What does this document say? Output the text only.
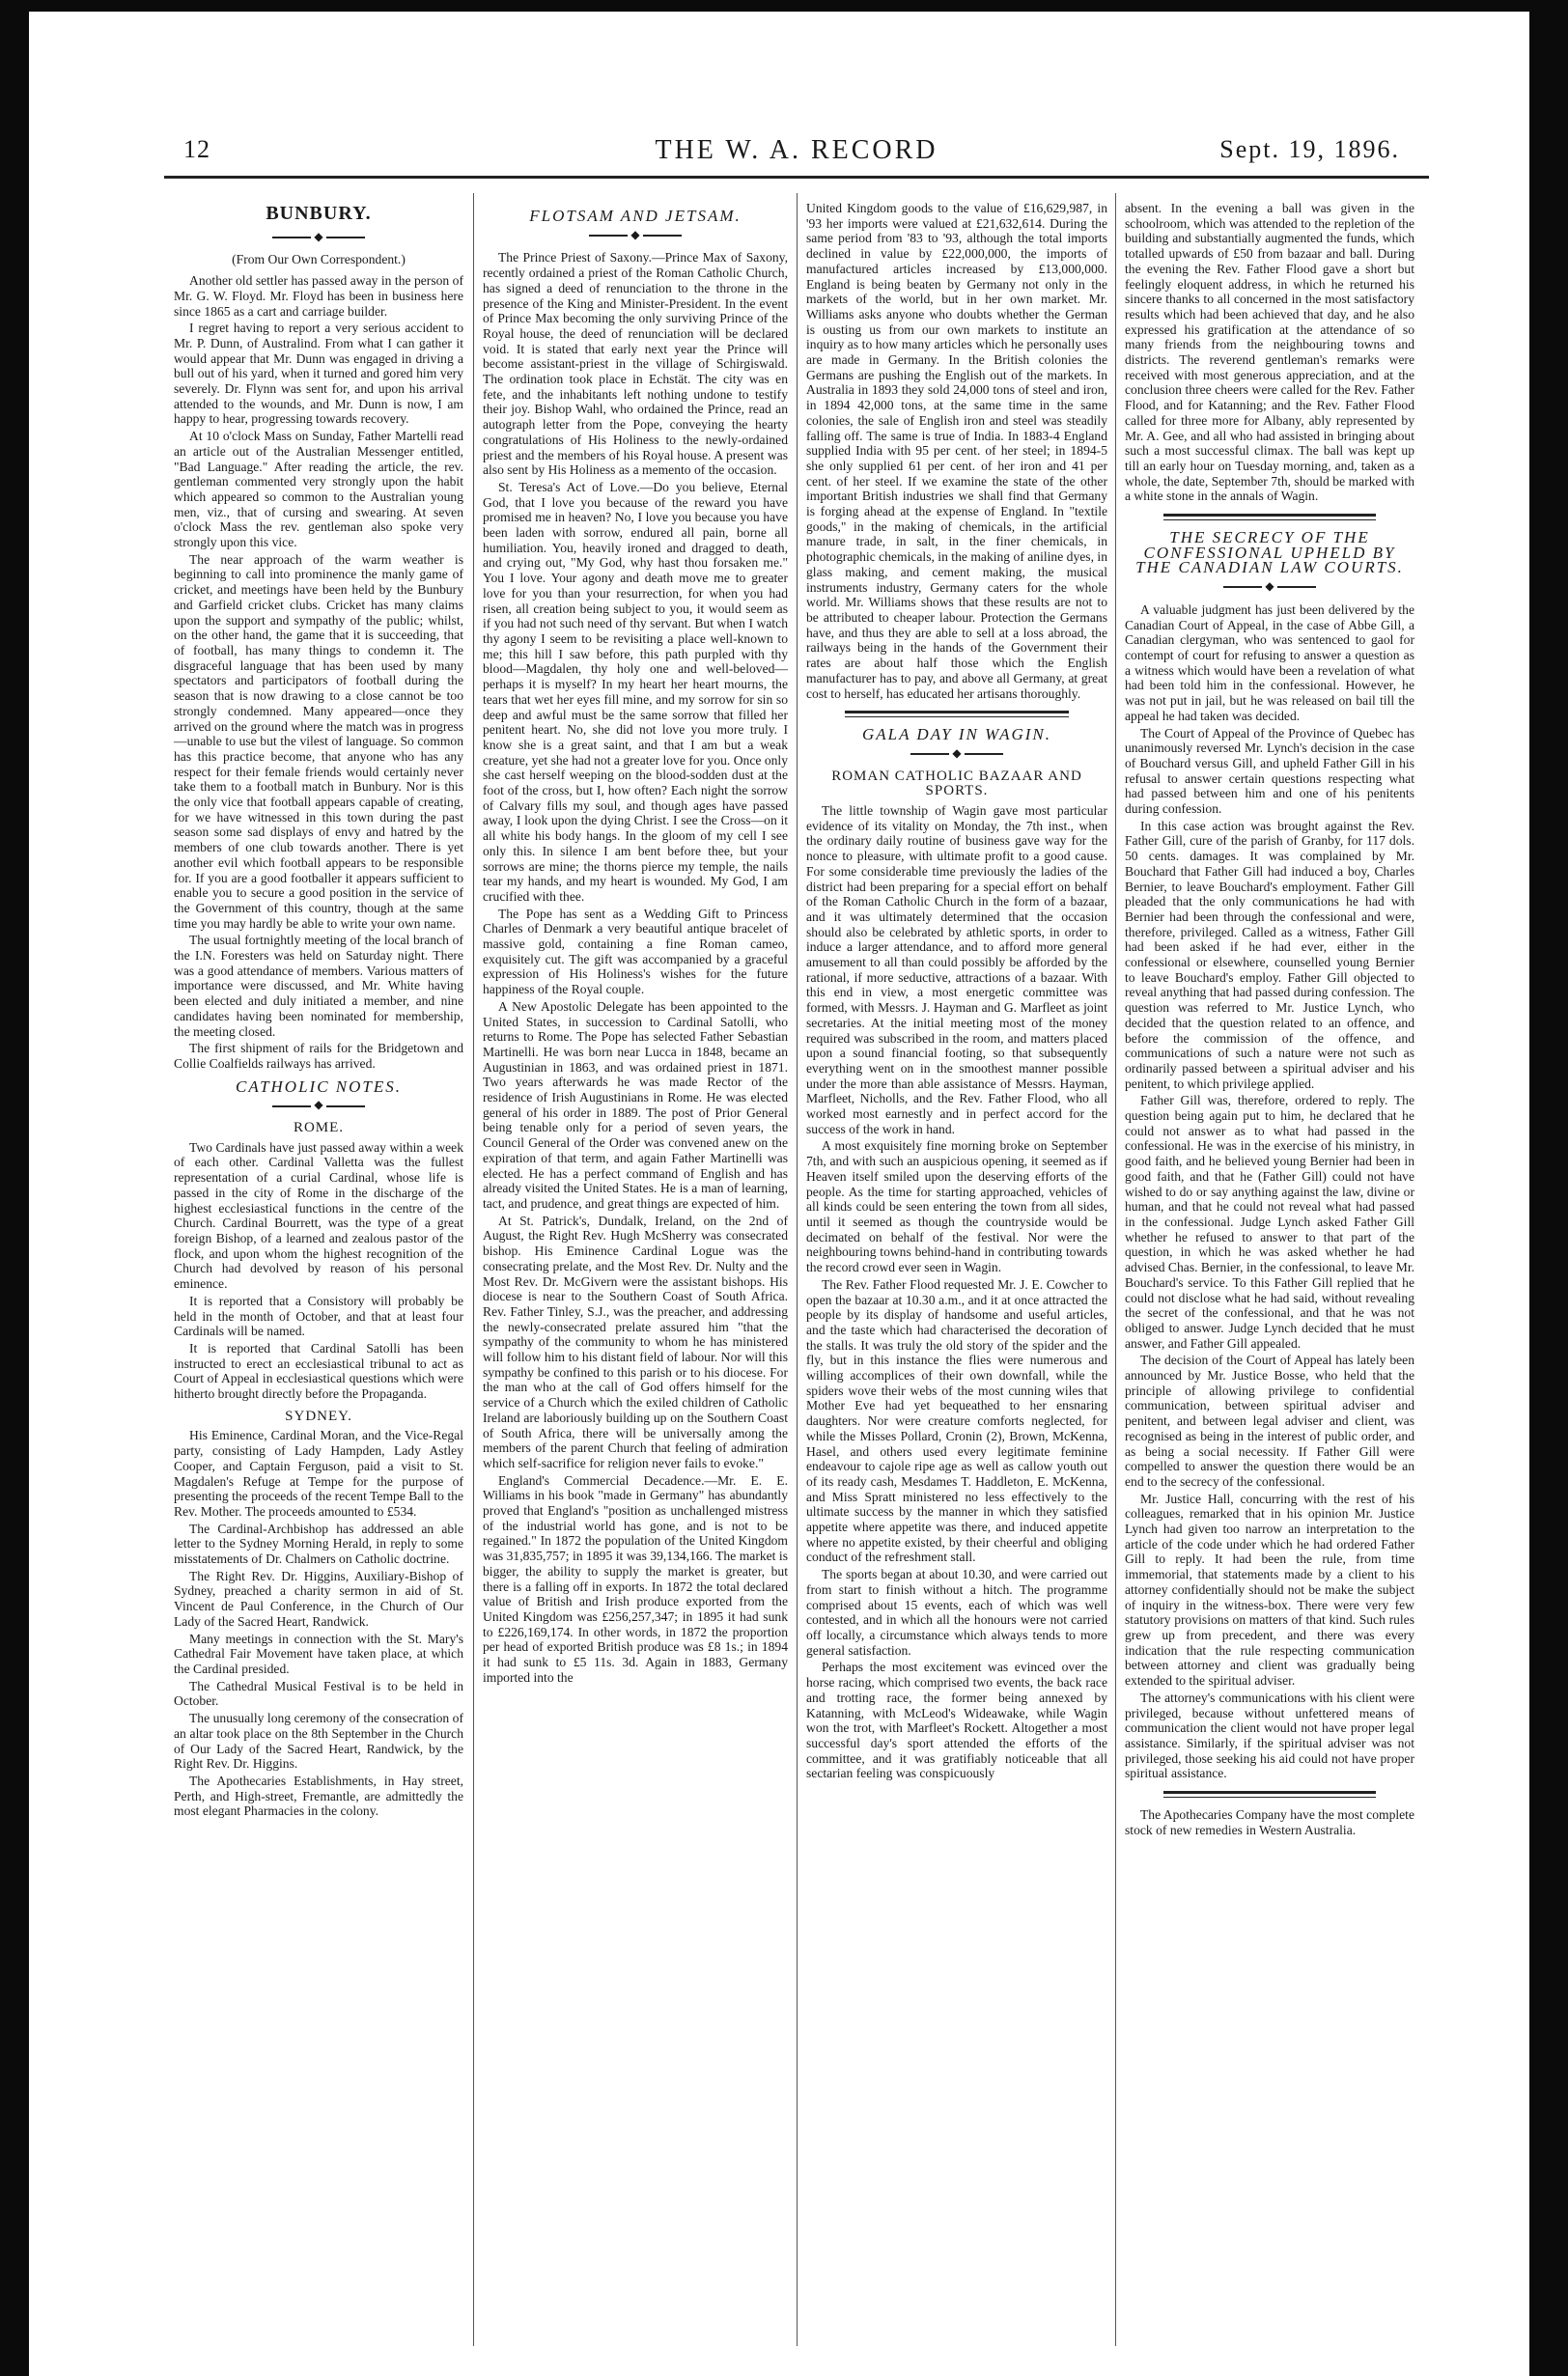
12	THE W. A. RECORD	Sept. 19, 1896.
BUNBURY.
◆
(From Our Own Correspondent.)

Another old settler has passed away in the person of Mr. G. W. Floyd. Mr. Floyd has been in business here since 1865 as a cart and carriage builder.

I regret having to report a very serious accident to Mr. P. Dunn, of Australind. From what I can gather it would appear that Mr. Dunn was engaged in driving a bull out of his yard, when it turned and gored him very severely. Dr. Flynn was sent for, and upon his arrival attended to the wounds, and Mr. Dunn is now, I am happy to hear, progressing towards recovery.

At 10 o'clock Mass on Sunday, Father Martelli read an article out of the Australian Messenger entitled, "Bad Language." After reading the article, the rev. gentleman commented very strongly upon the habit which appeared so common to the Australian young men, viz., that of cursing and swearing. At seven o'clock Mass the rev. gentleman also spoke very strongly upon this vice.

The near approach of the warm weather is beginning to call into prominence the manly game of cricket, and meetings have been held by the Bunbury and Garfield cricket clubs. Cricket has many claims upon the support and sympathy of the public; whilst, on the other hand, the game that it is succeeding, that of football, has many things to condemn it. The disgraceful language that has been used by many spectators and participators of football during the season that is now drawing to a close cannot be too strongly condemned. Many appeared—once they arrived on the ground where the match was in progress—unable to use but the vilest of language. So common has this practice become, that anyone who has any respect for their female friends would certainly never take them to a football match in Bunbury. Nor is this the only vice that football appears capable of creating, for we have witnessed in this town during the past season some sad displays of envy and hatred by the members of one club towards another. There is yet another evil which football appears to be responsible for. If you are a good footballer it appears sufficient to enable you to secure a good position in the service of the Government of this country, though at the same time you may hardly be able to write your own name.

The usual fortnightly meeting of the local branch of the I.N. Foresters was held on Saturday night. There was a good attendance of members. Various matters of importance were discussed, and Mr. White having been elected and duly initiated a member, and nine candidates having been nominated for membership, the meeting closed.

The first shipment of rails for the Bridgetown and Collie Coalfields railways has arrived.

CATHOLIC NOTES.
◆
ROME.

Two Cardinals have just passed away within a week of each other. Cardinal Valletta was the fullest representation of a curial Cardinal, whose life is passed in the city of Rome in the discharge of the highest ecclesiastical functions in the centre of the Church. Cardinal Bourrett, was the type of a great foreign Bishop, of a learned and zealous pastor of the flock, and upon whom the highest recognition of the Church had devolved by reason of his personal eminence.

It is reported that a Consistory will probably be held in the month of October, and that at least four Cardinals will be named.

It is reported that Cardinal Satolli has been instructed to erect an ecclesiastical tribunal to act as Court of Appeal in ecclesiastical questions which were hitherto brought directly before the Propaganda.

SYDNEY.

His Eminence, Cardinal Moran, and the Vice-Regal party, consisting of Lady Hampden, Lady Astley Cooper, and Captain Ferguson, paid a visit to St. Magdalen's Refuge at Tempe for the purpose of presenting the proceeds of the recent Tempe Ball to the Rev. Mother. The proceeds amounted to £534.

The Cardinal-Archbishop has addressed an able letter to the Sydney Morning Herald, in reply to some misstatements of Dr. Chalmers on Catholic doctrine.

The Right Rev. Dr. Higgins, Auxiliary-Bishop of Sydney, preached a charity sermon in aid of St. Vincent de Paul Conference, in the Church of Our Lady of the Sacred Heart, Randwick.

Many meetings in connection with the St. Mary's Cathedral Fair Movement have taken place, at which the Cardinal presided.

The Cathedral Musical Festival is to be held in October.

The unusually long ceremony of the consecration of an altar took place on the 8th September in the Church of Our Lady of the Sacred Heart, Randwick, by the Right Rev. Dr. Higgins.

The Apothecaries Establishments, in Hay street, Perth, and High-street, Fremantle, are admittedly the most elegant Pharmacies in the colony.

FLOTSAM AND JETSAM.
◆

The Prince Priest of Saxony.—Prince Max of Saxony, recently ordained a priest of the Roman Catholic Church, has signed a deed of renunciation to the throne in the presence of the King and Minister-President. In the event of Prince Max becoming the only surviving Prince of the Royal house, the deed of renunciation will be declared void. It is stated that early next year the Prince will become assistant-priest in the village of Schirgiswald. The ordination took place in Echstät. The city was en fete, and the inhabitants left nothing undone to testify their joy. Bishop Wahl, who ordained the Prince, read an autograph letter from the Pope, conveying the hearty congratulations of His Holiness to the newly-ordained priest and the members of his Royal house. A present was also sent by His Holiness as a memento of the occasion.

St. Teresa's Act of Love.—Do you believe, Eternal God, that I love you because of the reward you have promised me in heaven? No, I love you because you have been laden with sorrow, endured all pain, borne all humiliation. You, heavily ironed and dragged to death, and crying out, "My God, why hast thou forsaken me." You I love. Your agony and death move me to greater love for you than your resurrection, for when you had risen, all creation being subject to you, it would seem as if you had not such need of thy servant. But when I watch thy agony I seem to be revisiting a place well-known to me; this hill I saw before, this path purpled with thy blood—Magdalen, thy holy one and well-beloved—perhaps it is myself? In my heart her heart mourns, the tears that wet her eyes fill mine, and my sorrow for sin so deep and awful must be the same sorrow that filled her penitent heart. No, she did not love you more truly. I know she is a great saint, and that I am but a weak creature, yet she had not a greater love for you. Once only she cast herself weeping on the blood-sodden dust at the foot of the cross, but I, how often? Each night the sorrow of Calvary fills my soul, and though ages have passed away, I look upon the dying Christ. I see the Cross—on it all white his body hangs. In the gloom of my cell I see only this. In silence I am bent before thee, but your sorrows are mine; the thorns pierce my temple, the nails tear my hands, and my heart is wounded. My God, I am crucified with thee.

The Pope has sent as a Wedding Gift to Princess Charles of Denmark a very beautiful antique bracelet of massive gold, containing a fine Roman cameo, exquisitely cut. The gift was accompanied by a graceful expression of His Holiness's wishes for the future happiness of the Royal couple.

A New Apostolic Delegate has been appointed to the United States, in succession to Cardinal Satolli, who returns to Rome. The Pope has selected Father Sebastian Martinelli. He was born near Lucca in 1848, became an Augustinian in 1863, and was ordained priest in 1871. Two years afterwards he was made Rector of the residence of Irish Augustinians in Rome. He was elected general of his order in 1889. The post of Prior General being tenable only for a period of seven years, the Council General of the Order was convened anew on the expiration of that term, and again Father Martinelli was elected. He has a perfect command of English and has already visited the United States. He is a man of learning, tact, and prudence, and great things are expected of him.

At St. Patrick's, Dundalk, Ireland, on the 2nd of August, the Right Rev. Hugh McSherry was consecrated bishop. His Eminence Cardinal Logue was the consecrating prelate, and the Most Rev. Dr. Nulty and the Most Rev. Dr. McGivern were the assistant bishops. His diocese is near to the Southern Coast of South Africa. Rev. Father Tinley, S.J., was the preacher, and addressing the newly-consecrated prelate assured him "that the sympathy of the community to whom he has ministered will follow him to his distant field of labour. Nor will this sympathy be confined to this parish or to his diocese. For the man who at the call of God offers himself for the service of a Church which the exiled children of Catholic Ireland are laboriously building up on the Southern Coast of South Africa, there will be universally among the members of the parent Church that feeling of admiration which self-sacrifice for religion never fails to evoke."

England's Commercial Decadence.—Mr. E. E. Williams in his book "made in Germany" has abundantly proved that England's "position as unchallenged mistress of the industrial world has gone, and is not to be regained." In 1872 the population of the United Kingdom was 31,835,757; in 1895 it was 39,134,166. The market is bigger, the ability to supply the market is greater, but there is a falling off in exports. In 1872 the total declared value of British and Irish produce exported from the United Kingdom was £256,257,347; in 1895 it had sunk to £226,169,174. In other words, in 1872 the proportion per head of exported British produce was £8 1s.; in 1894 it had sunk to £5 11s. 3d. Again in 1883, Germany imported into the

United Kingdom goods to the value of £16,629,987, in '93 her imports were valued at £21,632,614. During the same period from '83 to '93, although the total imports declined in value by £22,000,000, the imports of manufactured articles increased by £13,000,000. England is being beaten by Germany not only in the markets of the world, but in her own market. Mr. Williams asks anyone who doubts whether the German is ousting us from our own markets to institute an inquiry as to how many articles which he personally uses are made in Germany. In the British colonies the Germans are pushing the English out of the markets. In Australia in 1893 they sold 24,000 tons of steel and iron, in 1894 42,000 tons, at the same time in the same colonies, the sale of English iron and steel was steadily falling off. The same is true of India. In 1883-4 England supplied India with 95 per cent. of her steel; in 1894-5 she only supplied 61 per cent. of her iron and 41 per cent. of her steel. If we examine the state of the other important British industries we shall find that Germany is forging ahead at the expense of England. In "textile goods," in the making of chemicals, in the artificial manure trade, in salt, in the finer chemicals, in photographic chemicals, in the making of aniline dyes, in glass making, and cement making, the musical instruments industry, Germany caters for the whole world. Mr. Williams shows that these results are not to be attributed to cheaper labour. Protection the Germans have, and thus they are able to sell at a loss abroad, the railways being in the hands of the Government their rates are about half those which the English manufacturer has to pay, and above all Germany, at great cost to herself, has educated her artisans thoroughly.

GALA DAY IN WAGIN.
◆
ROMAN CATHOLIC BAZAAR AND SPORTS.

The little township of Wagin gave most particular evidence of its vitality on Monday, the 7th inst., when the ordinary daily routine of business gave way for the nonce to pleasure, with ultimate profit to a good cause. For some considerable time previously the ladies of the district had been preparing for a special effort on behalf of the Roman Catholic Church in the form of a bazaar, and it was ultimately determined that the occasion should also be celebrated by athletic sports, in order to induce a larger attendance, and to afford more general amusement to all than could possibly be afforded by the rational, if more seductive, attractions of a bazaar. With this end in view, a most energetic committee was formed, with Messrs. J. Hayman and G. Marfleet as joint secretaries. At the initial meeting most of the money required was subscribed in the room, and matters placed upon a sound financial footing, so that subsequently everything went on in the smoothest manner possible under the more than able assistance of Messrs. Hayman, Marfleet, Nicholls, and the Rev. Father Flood, who all worked most earnestly and in perfect accord for the success of the work in hand.

A most exquisitely fine morning broke on September 7th, and with such an auspicious opening, it seemed as if Heaven itself smiled upon the deserving efforts of the people. As the time for starting approached, vehicles of all kinds could be seen entering the town from all sides, until it seemed as though the countryside would be decimated on behalf of the festival. Nor were the neighbouring towns behind-hand in contributing towards the record crowd ever seen in Wagin.

The Rev. Father Flood requested Mr. J. E. Cowcher to open the bazaar at 10.30 a.m., and it at once attracted the people by its display of handsome and useful articles, and the taste which had characterised the decoration of the stalls. It was truly the old story of the spider and the fly, but in this instance the flies were numerous and willing accomplices of their own downfall, while the spiders wove their webs of the most cunning wiles that Mother Eve had yet bequeathed to her ensnaring daughters. Nor were creature comforts neglected, for while the Misses Pollard, Cronin (2), Brown, McKenna, Hasel, and others used every legitimate feminine endeavour to cajole ripe age as well as callow youth out of its ready cash, Mesdames T. Haddleton, E. McKenna, and Miss Spratt ministered no less effectively to the ultimate success by the manner in which they satisfied appetite where appetite was there, and induced appetite where no appetite existed, by their cheerful and obliging conduct of the refreshment stall.

The sports began at about 10.30, and were carried out from start to finish without a hitch. The programme comprised about 15 events, each of which was well contested, and in which all the honours were not carried off locally, a circumstance which always tends to more general satisfaction.

Perhaps the most excitement was evinced over the horse racing, which comprised two events, the back race and trotting race, the former being annexed by Katanning, with McLeod's Wideawake, while Wagin won the trot, with Marfleet's Rockett. Altogether a most successful day's sport attended the efforts of the committee, and it was gratifiably noticeable that all sectarian feeling was conspicuously

absent. In the evening a ball was given in the schoolroom, which was attended to the repletion of the building and substantially augmented the funds, which totalled upwards of £50 from bazaar and ball. During the evening the Rev. Father Flood gave a short but feelingly eloquent address, in which he returned his sincere thanks to all concerned in the most satisfactory results which had been achieved that day, and he also expressed his gratification at the attendance of so many friends from the neighbouring towns and districts. The reverend gentleman's remarks were received with most generous appreciation, and at the conclusion three cheers were called for the Rev. Father Flood, and for Katanning; and the Rev. Father Flood called for three more for Albany, ably represented by Mr. A. Gee, and all who had assisted in bringing about such a most successful climax. The ball was kept up till an early hour on Tuesday morning, and, taken as a whole, the date, September 7th, should be marked with a white stone in the annals of Wagin.

THE SECRECY OF THE CONFESSIONAL UPHELD BY THE CANADIAN LAW COURTS.
◆

A valuable judgment has just been delivered by the Canadian Court of Appeal, in the case of Abbe Gill, a Canadian clergyman, who was sentenced to gaol for contempt of court for refusing to answer a question as a witness which would have been a revelation of what had been told him in the confessional. However, he was not put in jail, but he was released on bail till the appeal he had taken was decided.

The Court of Appeal of the Province of Quebec has unanimously reversed Mr. Lynch's decision in the case of Bouchard versus Gill, and upheld Father Gill in his refusal to answer certain questions respecting what had passed between him and one of his penitents during confession.

In this case action was brought against the Rev. Father Gill, cure of the parish of Granby, for 117 dols. 50 cents. damages. It was complained by Mr. Bouchard that Father Gill had induced a boy, Charles Bernier, to leave Bouchard's employment. Father Gill pleaded that the only communications he had with Bernier had been through the confessional and were, therefore, privileged. Called as a witness, Father Gill had been asked if he had ever, either in the confessional or elsewhere, counselled young Bernier to leave Bouchard's employ. Father Gill objected to reveal anything that had passed during confession. The question was referred to Mr. Justice Lynch, who decided that the question related to an offence, and before the commission of the offence, and communications of such a nature were not such as ordinarily passed between a spiritual adviser and his penitent, to which privilege applied.

Father Gill was, therefore, ordered to reply. The question being again put to him, he declared that he could not answer as to what had passed in the confessional. He was in the exercise of his ministry, in good faith, and he believed young Bernier had been in good faith, and that he (Father Gill) could not have wished to do or say anything against the law, divine or human, and that he could not reveal what had passed in the confessional. Judge Lynch asked Father Gill whether he refused to answer to that part of the question, in which he was asked whether he had advised Chas. Bernier, in the confessional, to leave Mr. Bouchard's service. To this Father Gill replied that he could not disclose what he had said, without revealing the secret of the confessional, and that he was not obliged to answer. Judge Lynch decided that he must answer, and Father Gill appealed.

The decision of the Court of Appeal has lately been announced by Mr. Justice Bosse, who held that the principle of allowing privilege to confidential communication, between spiritual adviser and penitent, and between legal adviser and client, was recognised as being in the interest of public order, and as being a social necessity. If Father Gill were compelled to answer the question there would be an end to the secrecy of the confessional.

Mr. Justice Hall, concurring with the rest of his colleagues, remarked that in his opinion Mr. Justice Lynch had given too narrow an interpretation to the article of the code under which he had ordered Father Gill to reply. It had been the rule, from time immemorial, that statements made by a client to his attorney confidentially should not be make the subject of inquiry in the witness-box. There were very few statutory provisions on matters of that kind. Such rules grew up from precedent, and there was every indication that the rule respecting communication between attorney and client was gradually being extended to the spiritual adviser.

The attorney's communications with his client were privileged, because without unfettered means of communication the client would not have proper legal assistance. Similarly, if the spiritual adviser was not privileged, those seeking his aid could not have proper spiritual assistance.

The Apothecaries Company have the most complete stock of new remedies in Western Australia.
